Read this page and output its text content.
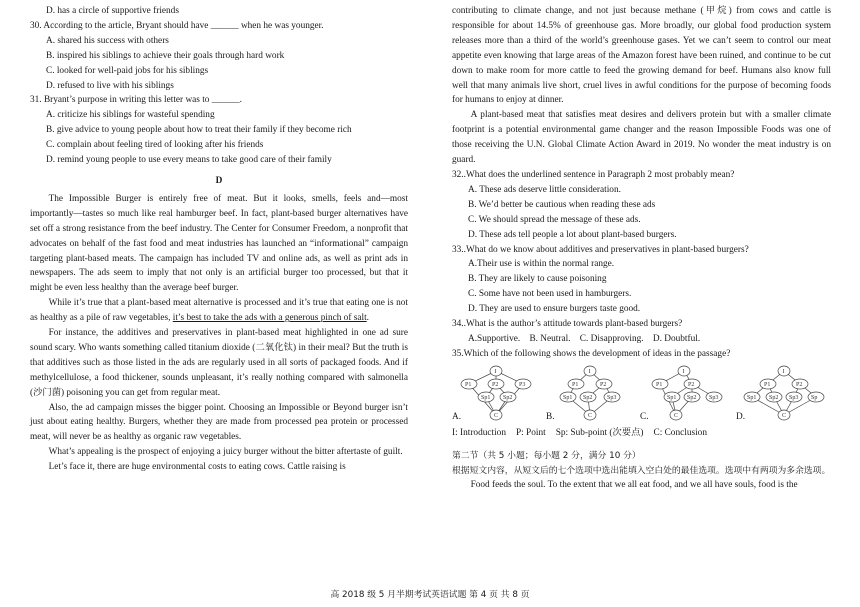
D. has a circle of supportive friends

30. According to the article, Bryant should have ______ when he was younger.

A. shared his success with others

B. inspired his siblings to achieve their goals through hard work

C. looked for well-paid jobs for his siblings

D. refused to live with his siblings

31. Bryant’s purpose in writing this letter was to ______.

A. criticize his siblings for wasteful spending

B. give advice to young people about how to treat their family if they become rich

C. complain about feeling tired of looking after his friends

D. remind young people to use every means to take good care of their family

D

The Impossible Burger is entirely free of meat. But it looks, smells, feels and—most importantly—tastes so much like real hamburger beef. In fact, plant-based burger alternatives have set off a strong resistance from the beef industry. The Center for Consumer Freedom, a nonprofit that advocates on behalf of the fast food and meat industries has launched an “informational” campaign targeting plant-based meats. The campaign has included TV and online ads, as well as print ads in newspapers. The ads seem to imply that not only is an artificial burger too processed, but that it might be even less healthy than the average beef burger.

While it’s true that a plant-based meat alternative is processed and it’s true that eating one is not as healthy as a pile of raw vegetables, it’s best to take the ads with a generous pinch of salt.

For instance, the additives and preservatives in plant-based meat highlighted in one ad sure sound scary. Who wants something called titanium dioxide (二氧化钛) in their meal? But the truth is that additives such as those listed in the ads are regularly used in all sorts of packaged foods. And if methylcellulose, a food thickener, sounds unpleasant, it’s really nothing compared with salmonella (沙门菌) poisoning you can get from regular meat.

Also, the ad campaign misses the bigger point. Choosing an Impossible or Beyond burger isn’t just about eating healthy. Burgers, whether they are made from processed pea protein or processed meat, will never be as healthy as organic raw vegetables.

What’s appealing is the prospect of enjoying a juicy burger without the bitter aftertaste of guilt.

Let’s face it, there are huge environmental costs to eating cows. Cattle raising is

contributing to climate change, and not just because methane (甲烷) from cows and cattle is responsible for about 14.5% of greenhouse gas. More broadly, our global food production system releases more than a third of the world’s greenhouse gases. Yet we can’t seem to control our meat appetite even knowing that large areas of the Amazon forest have been ruined, and continue to be cut down to make room for more cattle to feed the growing demand for beef. Humans also know full well that many animals live short, cruel lives in awful conditions for the purpose of becoming foods for humans to enjoy at dinner.

A plant-based meat that satisfies meat desires and delivers protein but with a smaller climate footprint is a potential environmental game changer and the reason Impossible Foods was one of those receiving the U.N. Global Climate Action Award in 2019. No wonder the meat industry is on guard.

32..What does the underlined sentence in Paragraph 2 most probably mean?

A. These ads deserve little consideration.

B. We’d better be cautious when reading these ads

C. We should spread the message of these ads.

D. These ads tell people a lot about plant-based burgers.

33..What do we know about additives and preservatives in plant-based burgers?

A.Their use is within the normal range.

B. They are likely to cause poisoning

C. Some have not been used in hamburgers.

D. They are used to ensure burgers taste good.

34..What is the author’s attitude towards plant-based burgers?

A.Supportive.    B. Neutral.    C. Disapproving.    D. Doubtful.

35.Which of the following shows the development of ideas in the passage?

A.
I
P1	P2	P3
Sp1 Sp2
C	B.
I
P1	P2
Sp1 Sp2 Sp3
C	C.
I
P1	P2
Sp1 Sp2 Sp3
C	D.
I
P1	P2
Sp1 Sp2 Sp3 Sp
C

I: Introduction P: Point Sp: Sub-point (次要点) C: Conclusion

第二节（共 5 小题；每小题 2 分，满分 10 分）

根据短文内容，从短文后的七个选项中选出能填入空白处的最佳选项。选项中有两项为多余选项。

Food feeds the soul. To the extent that we all eat food, and we all have souls, food is the

高 2018 级 5 月半期考试英语试题 第 4 页 共 8 页
